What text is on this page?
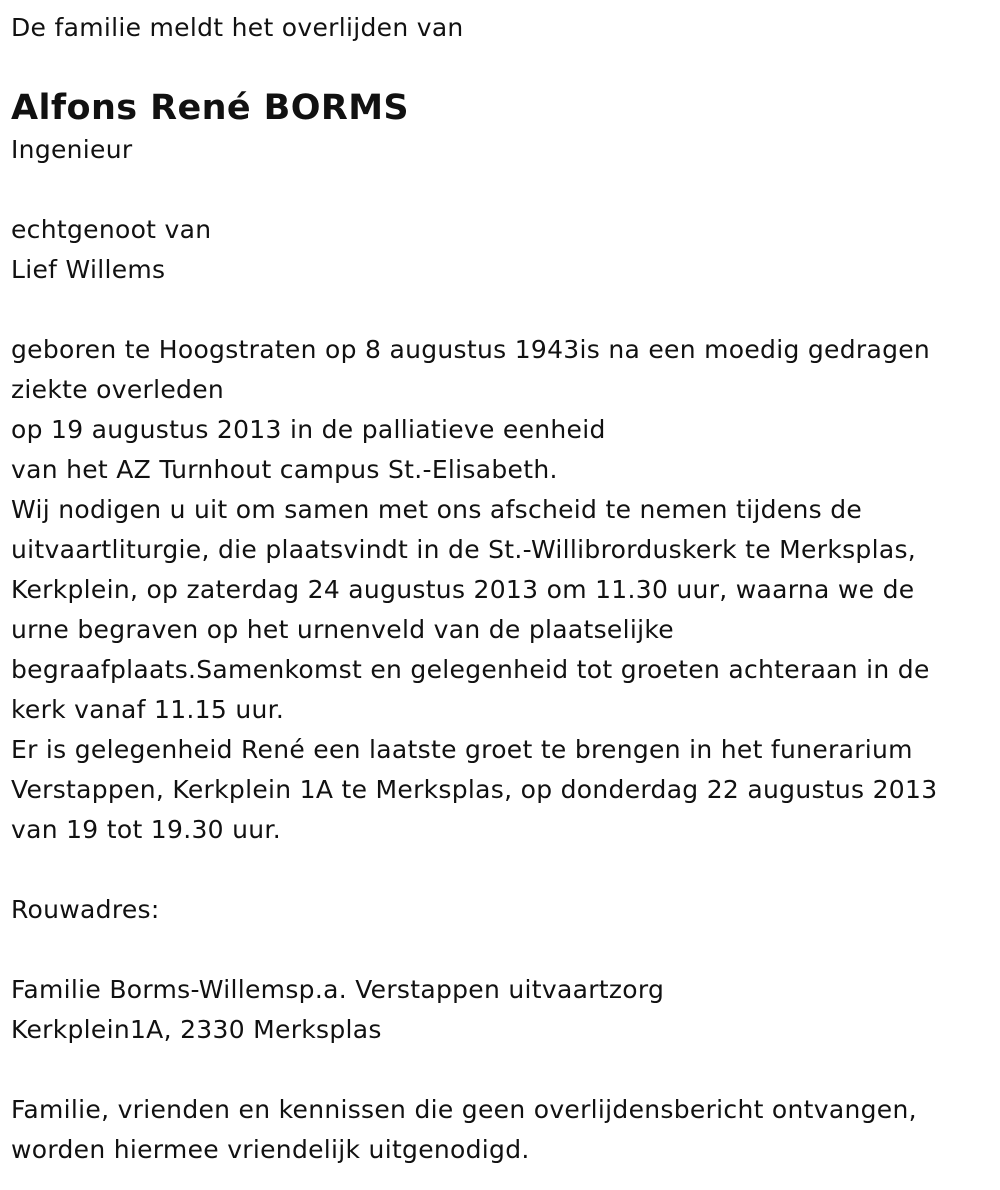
De familie meldt het overlijden van
Alfons René BORMS
Ingenieur
echtgenoot van
Lief Willems
geboren te Hoogstraten op 8 augustus 1943is na een moedig gedragen
ziekte overleden
op 19 augustus 2013 in de palliatieve eenheid
van het AZ Turnhout campus St.-Elisabeth.
Wij nodigen u uit om samen met ons afscheid te nemen tijdens de
uitvaartliturgie, die plaatsvindt in de St.-Willibrorduskerk te Merksplas,
Kerkplein, op zaterdag 24 augustus 2013 om 11.30 uur, waarna we de
urne begraven op het urnenveld van de plaatselijke
begraafplaats.Samenkomst en gelegenheid tot groeten achteraan in de
kerk vanaf 11.15 uur.
Er is gelegenheid René een laatste groet te brengen in het funerarium
Verstappen, Kerkplein 1A te Merksplas, op donderdag 22 augustus 2013
van 19 tot 19.30 uur.
Rouwadres:
Familie Borms-Willemsp.a. Verstappen uitvaartzorg
Kerkplein1A, 2330 Merksplas
Familie, vrienden en kennissen die geen overlijdensbericht ontvangen,
worden hiermee vriendelijk uitgenodigd.
